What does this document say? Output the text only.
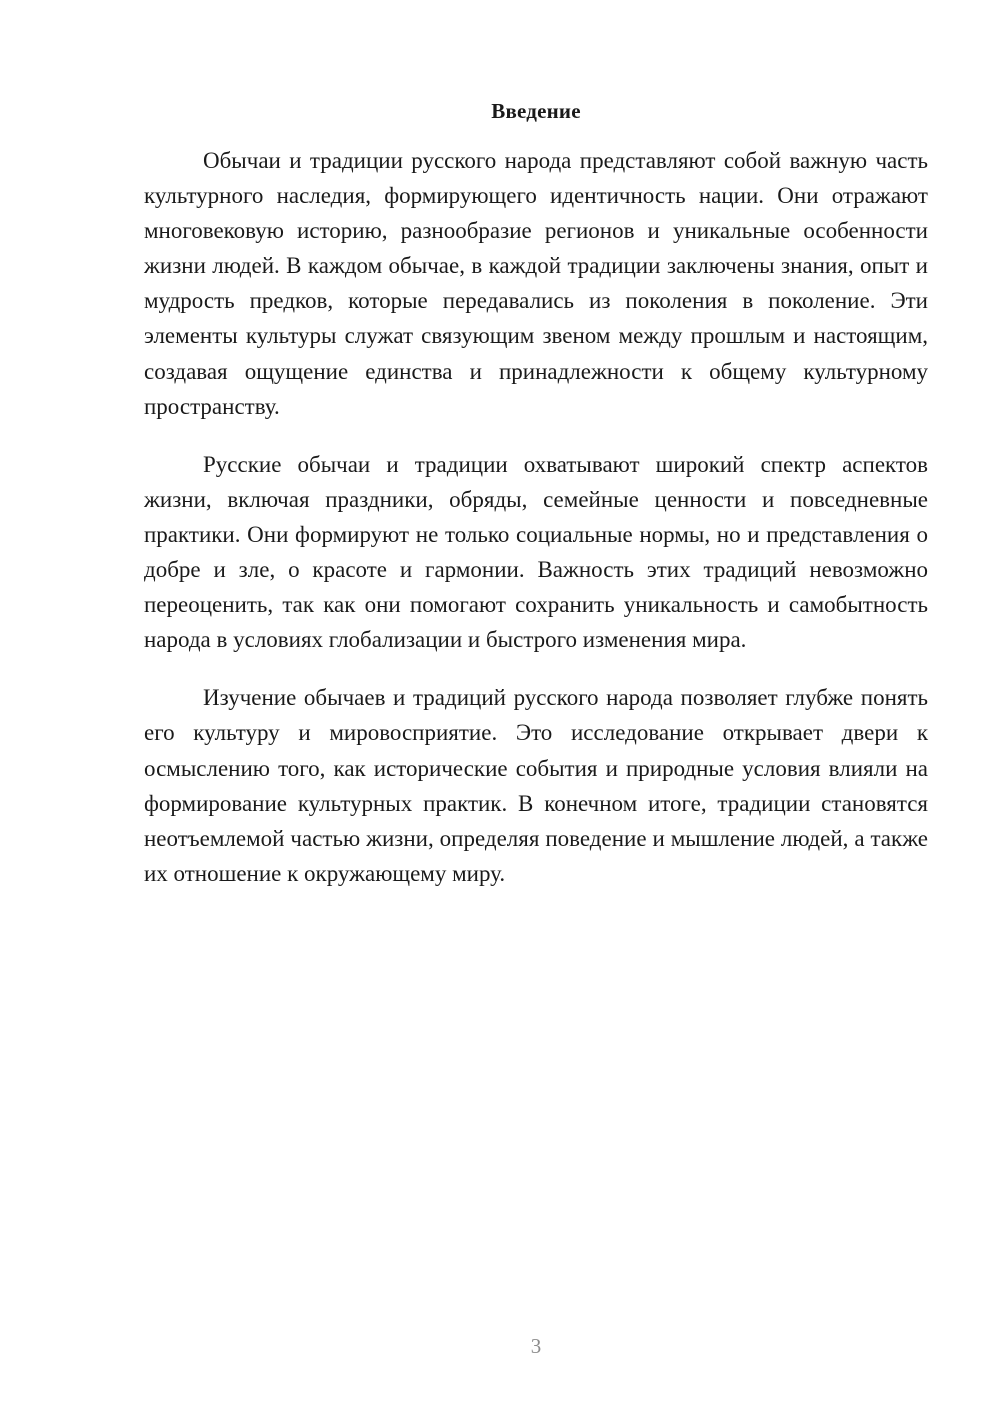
Введение

Обычаи и традиции русского народа представляют собой важную часть культурного наследия, формирующего идентичность нации. Они отражают многовековую историю, разнообразие регионов и уникальные особенности жизни людей. В каждом обычае, в каждой традиции заключены знания, опыт и мудрость предков, которые передавались из поколения в поколение. Эти элементы культуры служат связующим звеном между прошлым и настоящим, создавая ощущение единства и принадлежности к общему культурному пространству.

Русские обычаи и традиции охватывают широкий спектр аспектов жизни, включая праздники, обряды, семейные ценности и повседневные практики. Они формируют не только социальные нормы, но и представления о добре и зле, о красоте и гармонии. Важность этих традиций невозможно переоценить, так как они помогают сохранить уникальность и самобытность народа в условиях глобализации и быстрого изменения мира.

Изучение обычаев и традиций русского народа позволяет глубже понять его культуру и мировосприятие. Это исследование открывает двери к осмыслению того, как исторические события и природные условия влияли на формирование культурных практик. В конечном итоге, традиции становятся неотъемлемой частью жизни, определяя поведение и мышление людей, а также их отношение к окружающему миру.

3
